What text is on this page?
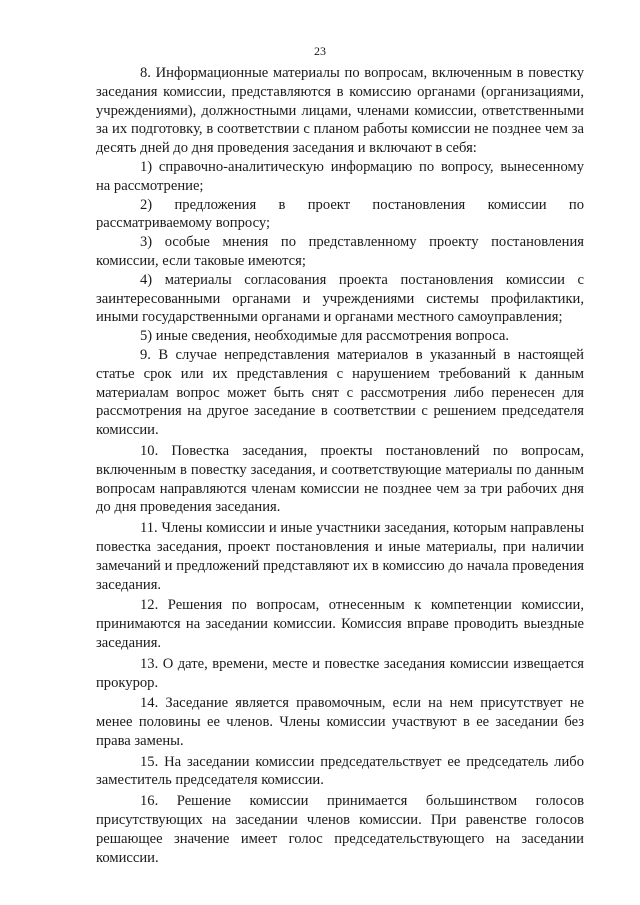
23

8. Информационные материалы по вопросам, включенным в повестку заседания комиссии, представляются в комиссию органами (организациями, учреждениями), должностными лицами, членами комиссии, ответственными за их подготовку, в соответствии с планом работы комиссии не позднее чем за десять дней до дня проведения заседания и включают в себя:

1) справочно-аналитическую информацию по вопросу, вынесенному на рассмотрение;

2) предложения в проект постановления комиссии по рассматриваемому вопросу;

3) особые мнения по представленному проекту постановления комиссии, если таковые имеются;

4) материалы согласования проекта постановления комиссии с заинтересованными органами и учреждениями системы профилактики, иными государственными органами и органами местного самоуправления;

5) иные сведения, необходимые для рассмотрения вопроса.

9. В случае непредставления материалов в указанный в настоящей статье срок или их представления с нарушением требований к данным материалам вопрос может быть снят с рассмотрения либо перенесен для рассмотрения на другое заседание в соответствии с решением председателя комиссии.

10. Повестка заседания, проекты постановлений по вопросам, включенным в повестку заседания, и соответствующие материалы по данным вопросам направляются членам комиссии не позднее чем за три рабочих дня до дня проведения заседания.

11. Члены комиссии и иные участники заседания, которым направлены повестка заседания, проект постановления и иные материалы, при наличии замечаний и предложений представляют их в комиссию до начала проведения заседания.

12. Решения по вопросам, отнесенным к компетенции комиссии, принимаются на заседании комиссии. Комиссия вправе проводить выездные заседания.

13. О дате, времени, месте и повестке заседания комиссии извещается прокурор.

14. Заседание является правомочным, если на нем присутствует не менее половины ее членов. Члены комиссии участвуют в ее заседании без права замены.

15. На заседании комиссии председательствует ее председатель либо заместитель председателя комиссии.

16. Решение комиссии принимается большинством голосов присутствующих на заседании членов комиссии. При равенстве голосов решающее значение имеет голос председательствующего на заседании комиссии.
